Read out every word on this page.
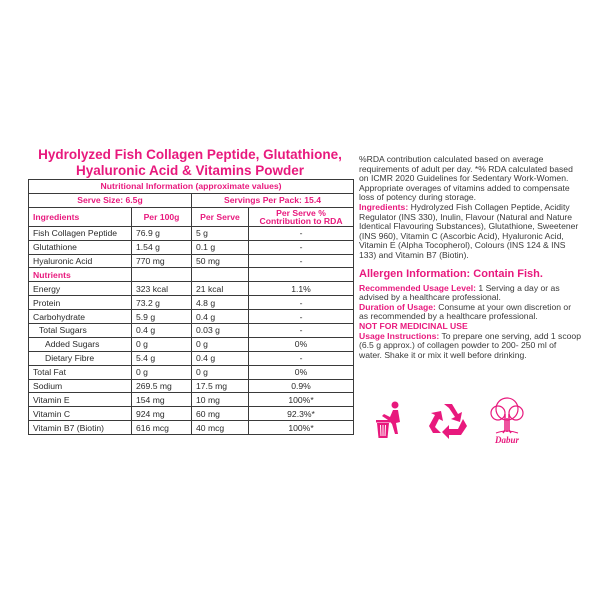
Hydrolyzed Fish Collagen Peptide, Glutathione,
Hyaluronic Acid & Vitamins Powder
Nutritional Information (approximate values)			
Serve Size: 6.5g		Servings Per Pack: 15.4	
Ingredients	Per 100g	Per Serve	Per Serve % Contribution to RDA
Fish Collagen Peptide	76.9 g	5 g	-
Glutathione	1.54 g	0.1 g	-
Hyaluronic Acid	770 mg	50 mg	-
Nutrients			
Energy	323 kcal	21 kcal	1.1%
Protein	73.2 g	4.8 g	-
Carbohydrate	5.9 g	0.4 g	-
Total Sugars	0.4 g	0.03 g	-
Added Sugars	0 g	0 g	0%
Dietary Fibre	5.4 g	0.4 g	-
Total Fat	0 g	0 g	0%
Sodium	269.5 mg	17.5 mg	0.9%
Vitamin E	154 mg	10 mg	100%*
Vitamin C	924 mg	60 mg	92.3%*
Vitamin B7 (Biotin)	616 mcg	40 mcg	100%*

%RDA contribution calculated based on average requirements of adult per day. *% RDA calculated based on ICMR 2020 Guidelines for Sedentary Work-Women. Appropriate overages of vitamins added to compensate loss of potency during storage.

Ingredients: Hydrolyzed Fish Collagen Peptide, Acidity Regulator (INS 330), Inulin, Flavour (Natural and Nature Identical Flavouring Substances), Glutathione, Sweetener (INS 960), Vitamin C (Ascorbic Acid), Hyaluronic Acid, Vitamin E (Alpha Tocopherol), Colours (INS 124 & INS 133) and Vitamin B7 (Biotin).

Allergen Information: Contain Fish.

Recommended Usage Level: 1 Serving a day or as advised by a healthcare professional.

Duration of Usage: Consume at your own discretion or as recommended by a healthcare professional.

NOT FOR MEDICINAL USE

Usage Instructions: To prepare one serving, add 1 scoop (6.5 g approx.) of collagen powder to 200- 250 ml of water. Shake it or mix it well before drinking.

Dabur
